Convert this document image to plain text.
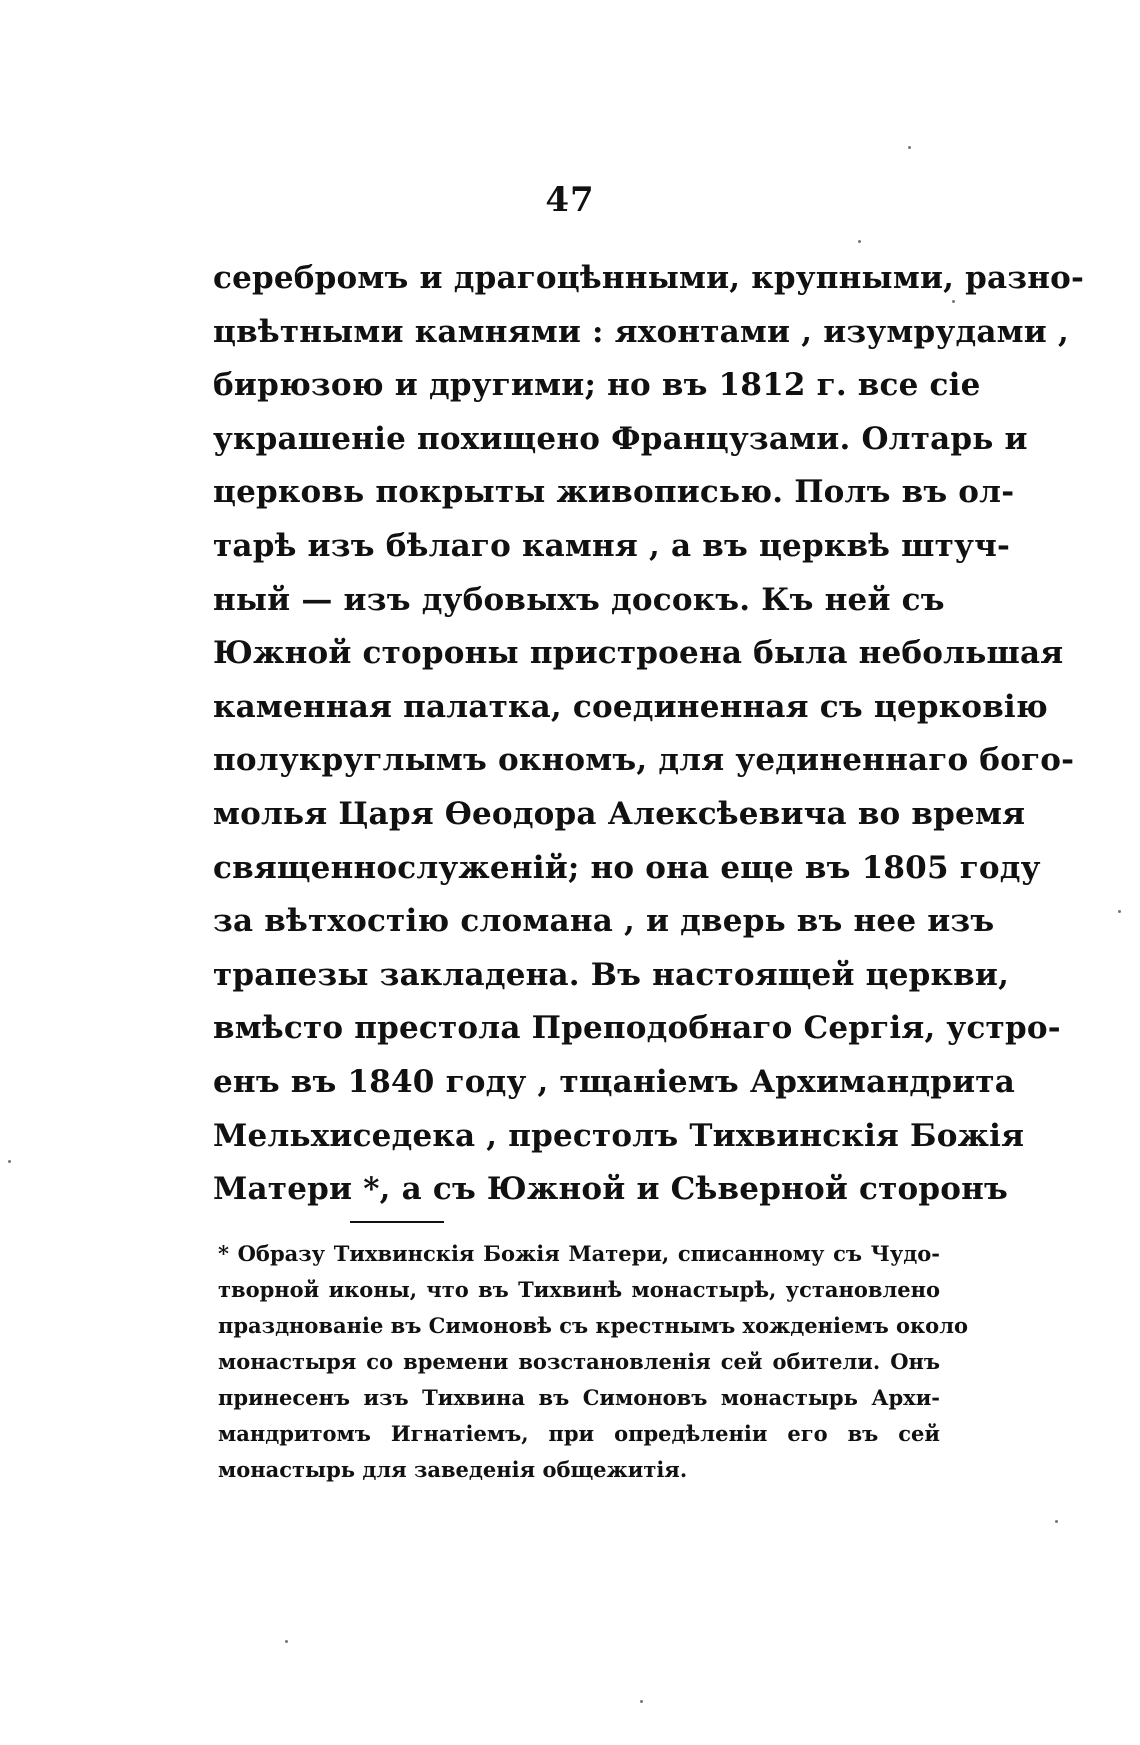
47
серебромъ и драгоцѣнными, крупными, разно-
цвѣтными камнями : яхонтами , изумрудами ,
бирюзою и другими; но въ 1812 г. все сіе
украшеніе похищено Французами. Олтарь и
церковь покрыты живописью. Полъ въ ол-
тарѣ изъ бѣлаго камня , а въ церквѣ штуч-
ный — изъ дубовыхъ досокъ. Къ ней съ
Южной стороны пристроена была небольшая
каменная палатка, соединенная съ церковію
полукруглымъ окномъ, для уединеннаго бого-
молья Царя Ѳеодора Алексѣевича во время
священнослуженій; но она еще въ 1805 году
за вѣтхостію сломана , и дверь въ нее изъ
трапезы закладена. Въ настоящей церкви,
вмѣсто престола Преподобнаго Сергія, устро-
енъ въ 1840 году , тщаніемъ Архимандрита
Мельхиседека , престолъ Тихвинскія Божія
Матери *, а съ Южной и Сѣверной сторонъ
* Образу Тихвинскія Божія Матери, списанному съ Чудо-
творной иконы, что въ Тихвинѣ монастырѣ, установлено
празднованіе въ Симоновѣ съ крестнымъ хожденіемъ около
монастыря со времени возстановленія сей обители. Онъ
принесенъ изъ Тихвина въ Симоновъ монастырь Архи-
мандритомъ Игнатіемъ, при опредѣленіи его въ сей
монастырь для заведенія общежитія.
